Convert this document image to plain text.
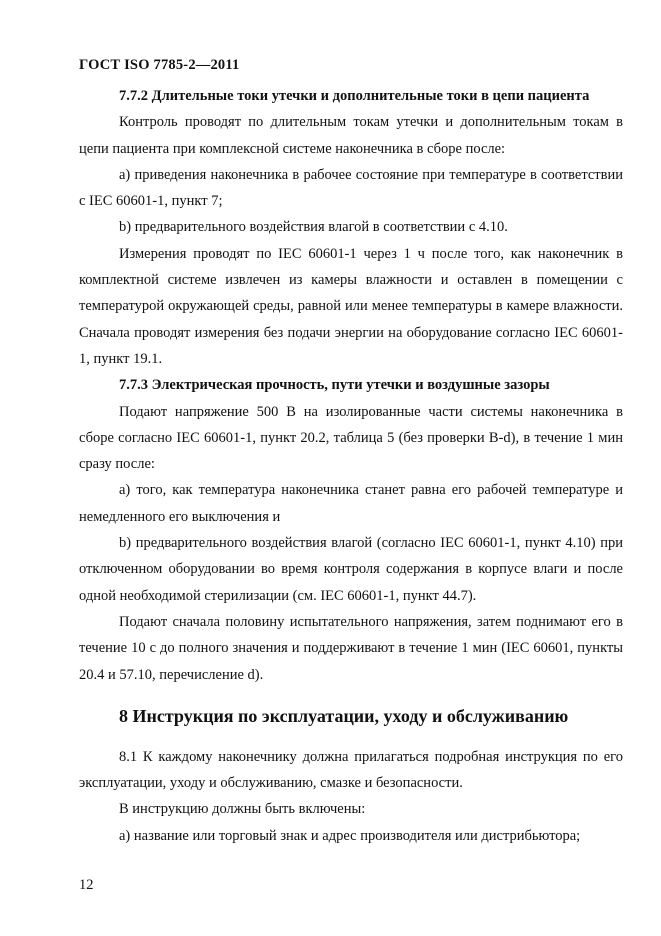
ГОСТ ISO 7785-2—2011

7.7.2 Длительные токи утечки и дополнительные токи в цепи пациента

Контроль проводят по длительным токам утечки и дополнительным токам в цепи пациента при комплексной системе наконечника в сборе после:

а) приведения наконечника в рабочее состояние при температуре в соответствии с IEC 60601-1, пункт 7;

b) предварительного воздействия влагой в соответствии с 4.10.

Измерения проводят по IEC 60601-1 через 1 ч после того, как наконечник в комплектной системе извлечен из камеры влажности и оставлен в помещении с температурой окружающей среды, равной или менее температуры в камере влажности. Сначала проводят измерения без подачи энергии на оборудование согласно IEC 60601-1, пункт 19.1.

7.7.3 Электрическая прочность, пути утечки и воздушные зазоры

Подают напряжение 500 В на изолированные части системы наконечника в сборе согласно IEC 60601-1, пункт 20.2, таблица 5 (без проверки B-d), в течение 1 мин сразу после:

а) того, как температура наконечника станет равна его рабочей температуре и немедленного его выключения и

b) предварительного воздействия влагой (согласно IEC 60601-1, пункт 4.10) при отключенном оборудовании во время контроля содержания в корпусе влаги и после одной необходимой стерилизации (см. IEC 60601-1, пункт 44.7).

Подают сначала половину испытательного напряжения, затем поднимают его в течение 10 с до полного значения и поддерживают в течение 1 мин (IEC 60601, пункты 20.4 и 57.10, перечисление d).

8 Инструкция по эксплуатации, уходу и обслуживанию

8.1 К каждому наконечнику должна прилагаться подробная инструкция по его эксплуатации, уходу и обслуживанию, смазке и безопасности.

В инструкцию должны быть включены:

а) название или торговый знак и адрес производителя или дистрибьютора;

12
